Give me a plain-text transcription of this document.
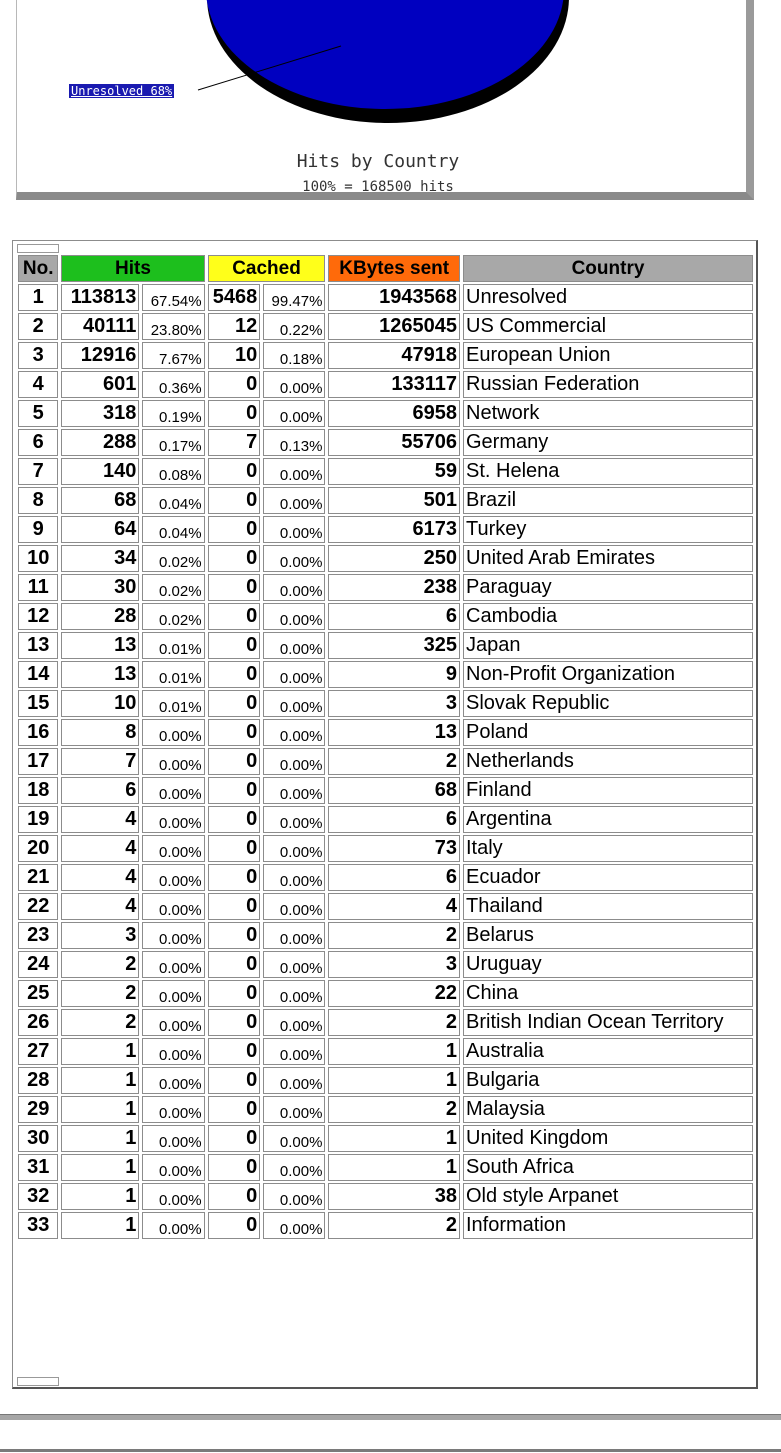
Unresolved 68%
Hits by Country
100% = 168500 hits
No.	Hits		Cached		KBytes sent	Country
1	113813	67.54%	5468	99.47%	1943568	Unresolved
2	40111	23.80%	12	0.22%	1265045	US Commercial
3	12916	7.67%	10	0.18%	47918	European Union
4	601	0.36%	0	0.00%	133117	Russian Federation
5	318	0.19%	0	0.00%	6958	Network
6	288	0.17%	7	0.13%	55706	Germany
7	140	0.08%	0	0.00%	59	St. Helena
8	68	0.04%	0	0.00%	501	Brazil
9	64	0.04%	0	0.00%	6173	Turkey
10	34	0.02%	0	0.00%	250	United Arab Emirates
11	30	0.02%	0	0.00%	238	Paraguay
12	28	0.02%	0	0.00%	6	Cambodia
13	13	0.01%	0	0.00%	325	Japan
14	13	0.01%	0	0.00%	9	Non-Profit Organization
15	10	0.01%	0	0.00%	3	Slovak Republic
16	8	0.00%	0	0.00%	13	Poland
17	7	0.00%	0	0.00%	2	Netherlands
18	6	0.00%	0	0.00%	68	Finland
19	4	0.00%	0	0.00%	6	Argentina
20	4	0.00%	0	0.00%	73	Italy
21	4	0.00%	0	0.00%	6	Ecuador
22	4	0.00%	0	0.00%	4	Thailand
23	3	0.00%	0	0.00%	2	Belarus
24	2	0.00%	0	0.00%	3	Uruguay
25	2	0.00%	0	0.00%	22	China
26	2	0.00%	0	0.00%	2	British Indian Ocean Territory
27	1	0.00%	0	0.00%	1	Australia
28	1	0.00%	0	0.00%	1	Bulgaria
29	1	0.00%	0	0.00%	2	Malaysia
30	1	0.00%	0	0.00%	1	United Kingdom
31	1	0.00%	0	0.00%	1	South Africa
32	1	0.00%	0	0.00%	38	Old style Arpanet
33	1	0.00%	0	0.00%	2	Information
